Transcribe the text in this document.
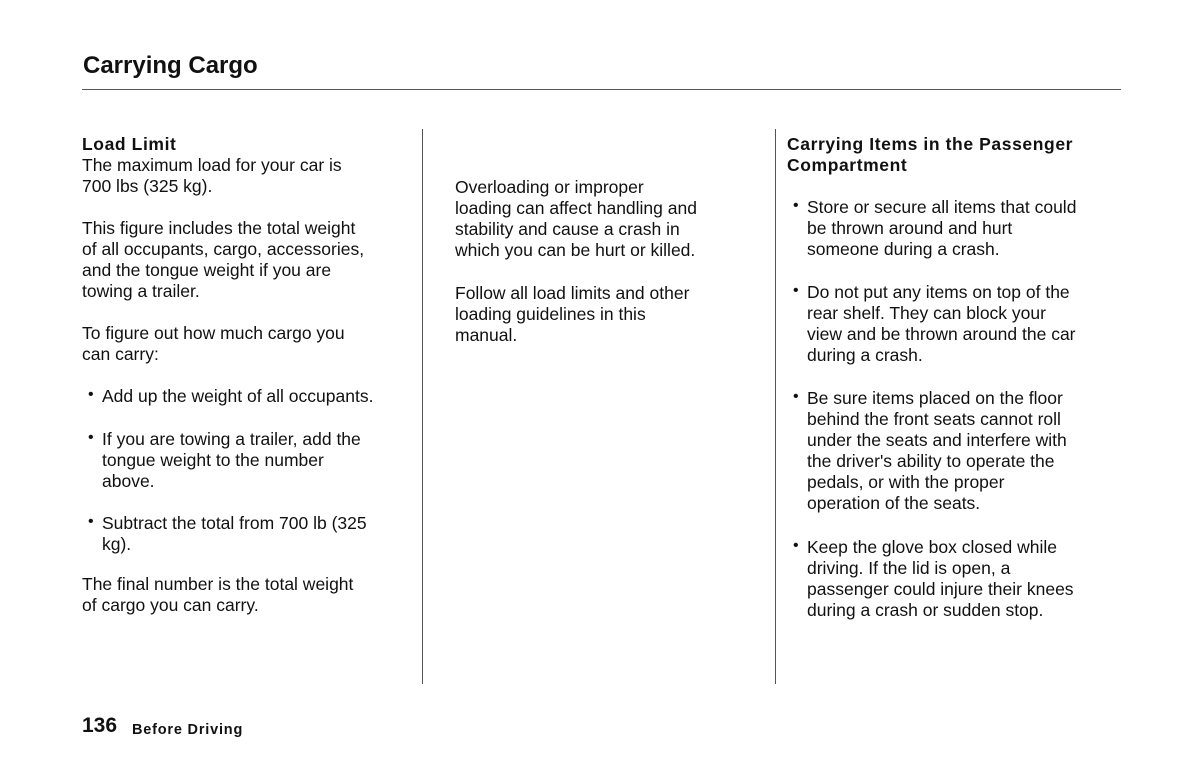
Carrying Cargo

Load Limit

The maximum load for your car is

700 lbs (325 kg).

This figure includes the total weight

of all occupants, cargo, accessories,

and the tongue weight if you are

towing a trailer.

To figure out how much cargo you

can carry:

• Add up the weight of all occupants.

• If you are towing a trailer, add the

tongue weight to the number

above.

• Subtract the total from 700 lb (325

kg).

The final number is the total weight

of cargo you can carry.

Overloading or improper

loading can affect handling and

stability and cause a crash in

which you can be hurt or killed.

Follow all load limits and other

loading guidelines in this

manual.

Carrying Items in the Passenger

Compartment

• Store or secure all items that could

be thrown around and hurt

someone during a crash.

• Do not put any items on top of the

rear shelf. They can block your

view and be thrown around the car

during a crash.

• Be sure items placed on the floor

behind the front seats cannot roll

under the seats and interfere with

the driver's ability to operate the

pedals, or with the proper

operation of the seats.

• Keep the glove box closed while

driving. If the lid is open, a

passenger could injure their knees

during a crash or sudden stop.

136 Before Driving
